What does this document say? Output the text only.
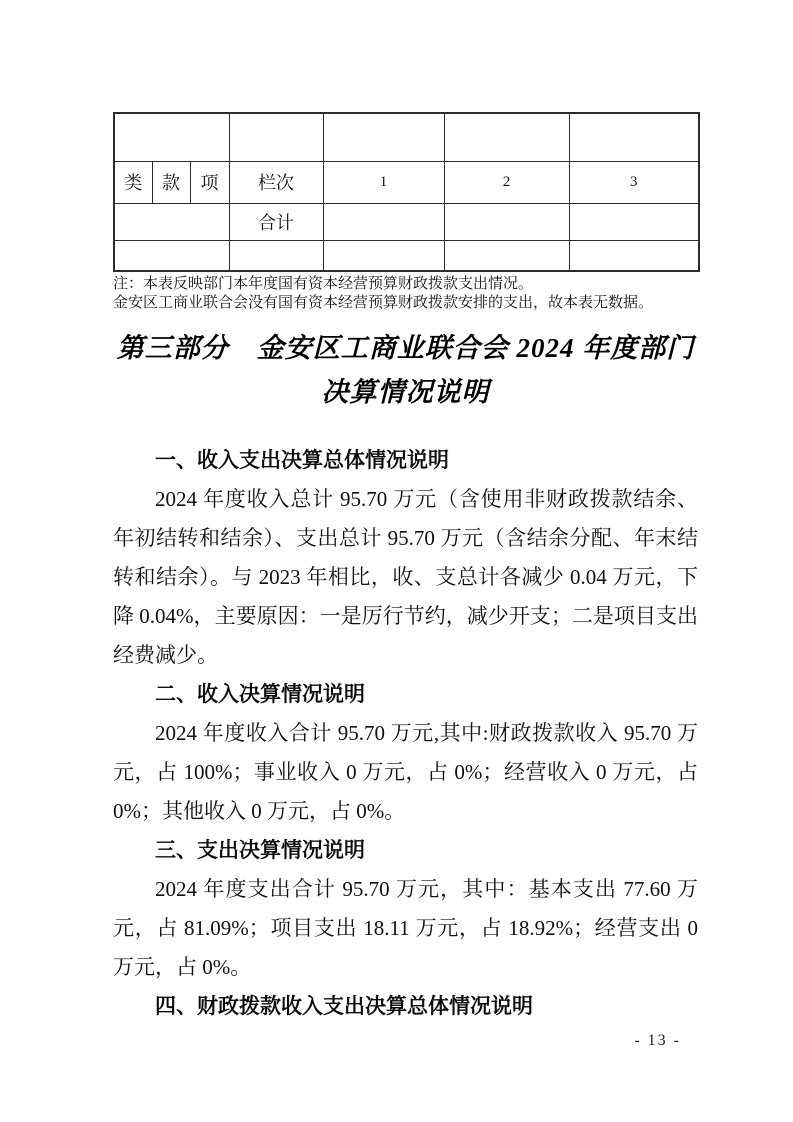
类	款	项	栏次	1	2	3
			合计			

注：本表反映部门本年度国有资本经营预算财政拨款支出情况。
金安区工商业联合会没有国有资本经营预算财政拨款安排的支出，故本表无数据。
第三部分　金安区工商业联合会 2024 年度部门
决算情况说明
一、收入支出决算总体情况说明
2024 年度收入总计 95.70 万元（含使用非财政拨款结余、年初结转和结余）、支出总计 95.70 万元（含结余分配、年末结转和结余）。与 2023 年相比，收、支总计各减少 0.04 万元，下降 0.04%，主要原因：一是厉行节约，减少开支；二是项目支出经费减少。
二、收入决算情况说明
2024 年度收入合计 95.70 万元,其中:财政拨款收入 95.70 万元，占 100%；事业收入 0 万元，占 0%；经营收入 0 万元，占 0%；其他收入 0 万元，占 0%。
三、支出决算情况说明
2024 年度支出合计 95.70 万元，其中：基本支出 77.60 万元，占 81.09%；项目支出 18.11 万元，占 18.92%；经营支出 0 万元，占 0%。
四、财政拨款收入支出决算总体情况说明
- 13 -
